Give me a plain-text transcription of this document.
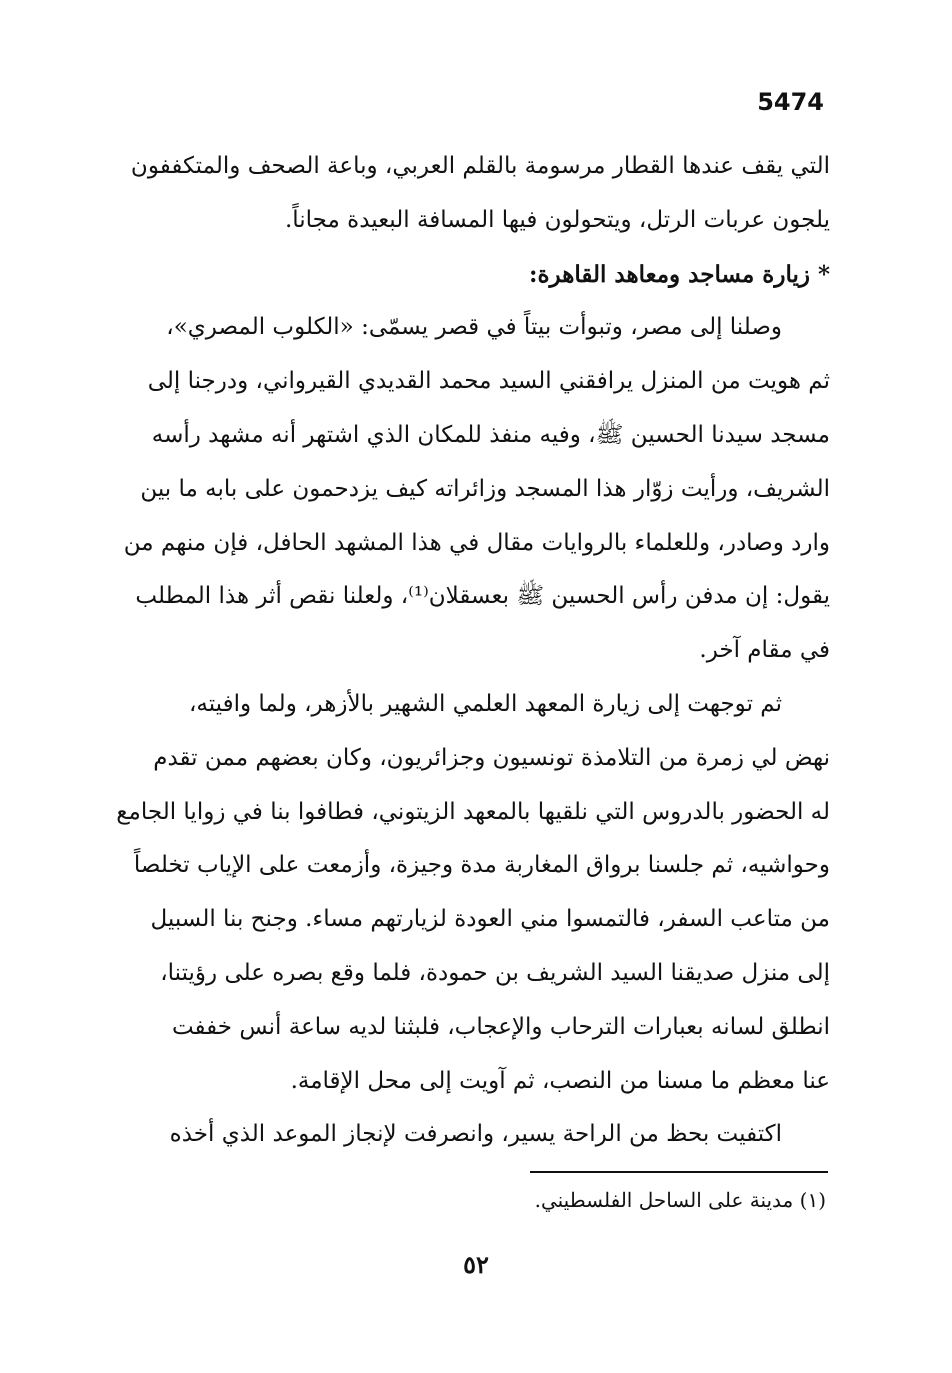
5474
التي يقف عندها القطار مرسومة بالقلم العربي، وباعة الصحف والمتكففون
يلجون عربات الرتل، ويتحولون فيها المسافة البعيدة مجاناً.
* زيارة مساجد ومعاهد القاهرة:
وصلنا إلى مصر، وتبوأت بيتاً في قصر يسمّى: «الكلوب المصري»،
ثم هويت من المنزل يرافقني السيد محمد القديدي القيرواني، ودرجنا إلى
مسجد سيدنا الحسين ﷺ، وفيه منفذ للمكان الذي اشتهر أنه مشهد رأسه
الشريف، ورأيت زوّار هذا المسجد وزائراته كيف يزدحمون على بابه ما بين
وارد وصادر، وللعلماء بالروايات مقال في هذا المشهد الحافل، فإن منهم من
يقول: إن مدفن رأس الحسين ﷺ بعسقلان⁽¹⁾، ولعلنا نقص أثر هذا المطلب
في مقام آخر.
ثم توجهت إلى زيارة المعهد العلمي الشهير بالأزهر، ولما وافيته،
نهض لي زمرة من التلامذة تونسيون وجزائريون، وكان بعضهم ممن تقدم
له الحضور بالدروس التي نلقيها بالمعهد الزيتوني، فطافوا بنا في زوايا الجامع
وحواشيه، ثم جلسنا برواق المغاربة مدة وجيزة، وأزمعت على الإياب تخلصاً
من متاعب السفر، فالتمسوا مني العودة لزيارتهم مساء. وجنح بنا السبيل
إلى منزل صديقنا السيد الشريف بن حمودة، فلما وقع بصره على رؤيتنا،
انطلق لسانه بعبارات الترحاب والإعجاب، فلبثنا لديه ساعة أنس خففت
عنا معظم ما مسنا من النصب، ثم آويت إلى محل الإقامة.
اكتفيت بحظ من الراحة يسير، وانصرفت لإنجاز الموعد الذي أخذه
(١) مدينة على الساحل الفلسطيني.
٥٢
